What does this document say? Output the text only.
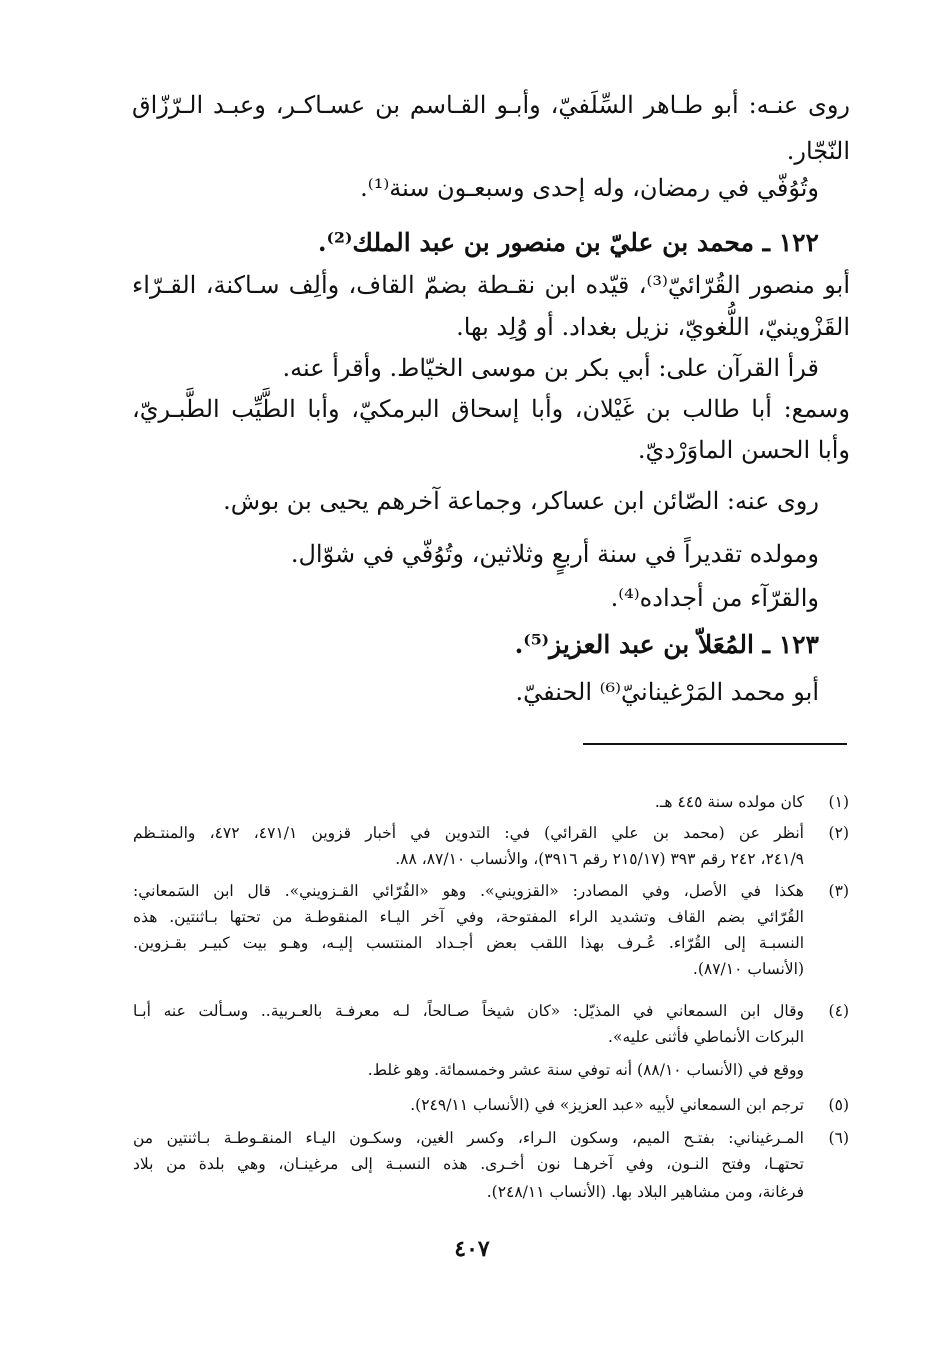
روى عنـه: أبو طـاهر السِّلَفيّ، وأبـو القـاسم بن عسـاكـر، وعبـد الـرّزّاق
النّجّار.
وتُوُفّي في رمضان، وله إحدى وسبعـون سنة⁽¹⁾.
١٢٢ ـ محمد بن عليّ بن منصور بن عبد الملك⁽²⁾.
أبو منصور القُرّائيّ⁽³⁾، قيّده ابن نقـطة بضمّ القاف، وألِف سـاكنة، القـرّاء
القَزْوينيّ، اللُّغويّ، نزيل بغداد. أو وُلِد بها.
قرأ القرآن على: أبي بكر بن موسى الخيّاط. وأقرأ عنه.
وسمع: أبا طالب بن غَيْلان، وأبا إسحاق البرمكيّ، وأبا الطَّيِّب الطَّبـريّ،
وأبا الحسن الماوَرْديّ.
روى عنه: الصّائن ابن عساكر، وجماعة آخرهم يحيى بن بوش.
ومولده تقديراً في سنة أربعٍ وثلاثين، وتُوُفّي في شوّال.
والقرّآء من أجداده⁽⁴⁾.
١٢٣ ـ المُعَلاّ بن عبد العزيز⁽⁵⁾.
أبو محمد المَرْغينانيّ⁽⁶⁾ الحنفيّ.
(١)
كان مولده سنة ٤٤٥ هـ.
(٢)
أنظر عن (محمد بن علي القرائي) في: التدوين في أخبار قزوين ٤٧١/١، ٤٧٢، والمنتـظم
٢٤١/٩، ٢٤٢ رقم ٣٩٣ (٢١٥/١٧ رقم ٣٩١٦)، والأنساب ٨٧/١٠، ٨٨.
(٣)
هكذا في الأصل، وفي المصادر: «القزويني». وهو «القُرّائي القـزويني». قال ابن السَمعاني:
القُرّائي بضم القاف وتشديد الراء المفتوحة، وفي آخر اليـاء المنقوطـة من تحتها بـاثنتين. هذه
النسبـة إلى القُرّاء. عُـرف بهذا اللقب بعض أجـداد المنتسب إليـه، وهـو بيت كبيـر بقـزوين.
(الأنساب ٨٧/١٠).
(٤)
وقال ابن السمعاني في المذيّل: «كان شيخاً صـالحاً، لـه معرفـة بالعـربية.. وسـألت عنه أبـا
البركات الأنماطي فأثنى عليه».
ووقع في (الأنساب ٨٨/١٠) أنه توفي سنة عشر وخمسمائة. وهو غلط.
(٥)
ترجم ابن السمعاني لأبيه «عبد العزيز» في (الأنساب ٢٤٩/١١).
(٦)
المـرغيناني: بفتـح الميم، وسكون الـراء، وكسر الغين، وسكـون اليـاء المنقـوطـة بـاثنتين من
تحتهـا، وفتح النـون، وفي آخرهـا نون أخـرى. هذه النسبـة إلى مرغينـان، وهي بلدة من بلاد
فرغانة، ومن مشاهير البلاد بها. (الأنساب ٢٤٨/١١).
٤٠٧
